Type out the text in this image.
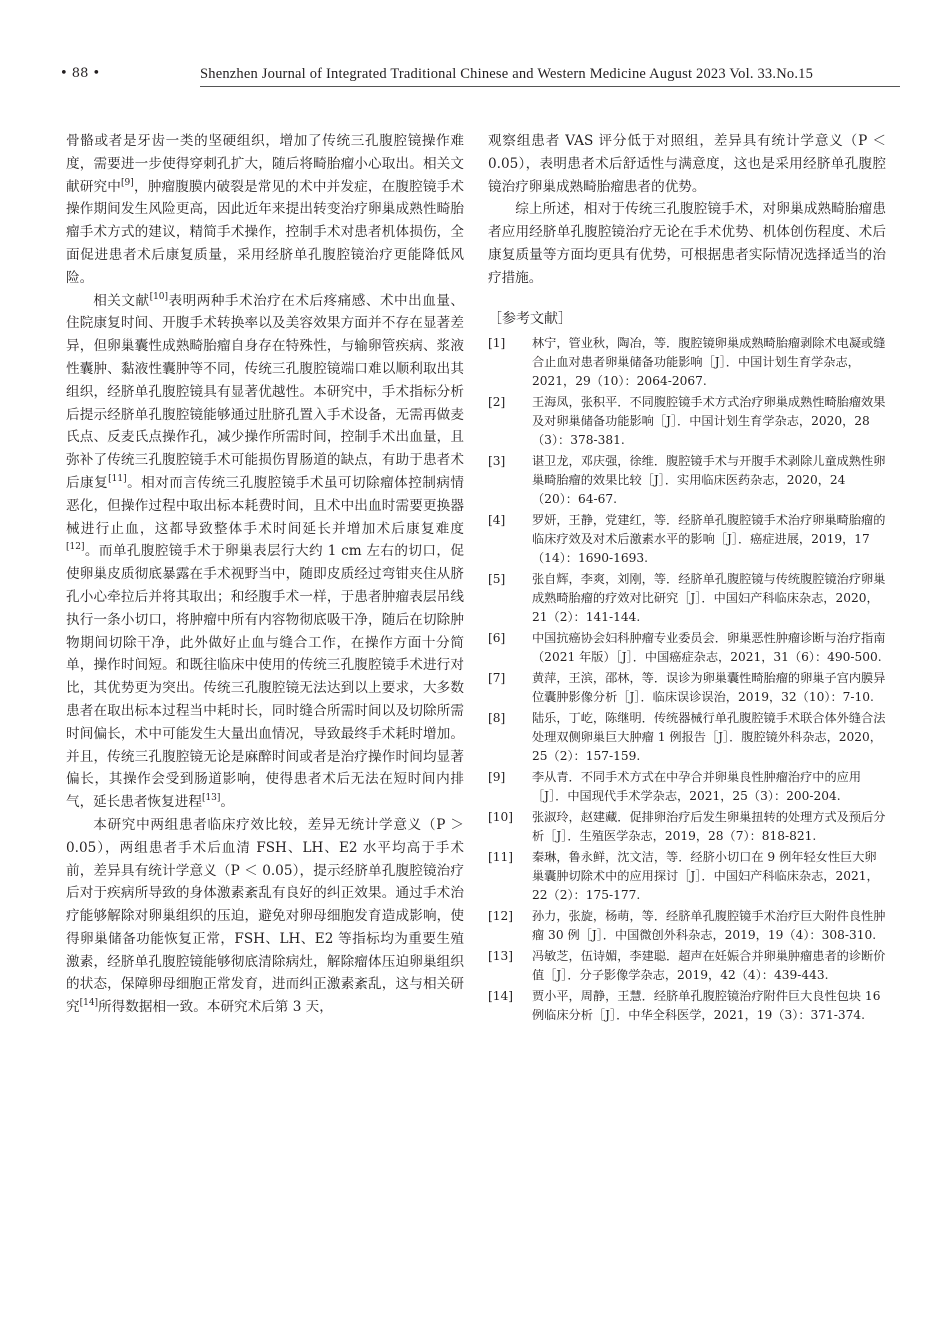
• 88 •	Shenzhen Journal of Integrated Traditional Chinese and Western Medicine August 2023 Vol. 33.No.15

骨骼或者是牙齿一类的坚硬组织，增加了传统三孔腹腔镜操作难度，需要进一步使得穿刺孔扩大，随后将畸胎瘤小心取出。相关文献研究中[9]，肿瘤腹膜内破裂是常见的术中并发症，在腹腔镜手术操作期间发生风险更高，因此近年来提出转变治疗卵巢成熟性畸胎瘤手术方式的建议，精简手术操作，控制手术对患者机体损伤，全面促进患者术后康复质量，采用经脐单孔腹腔镜治疗更能降低风险。

相关文献[10]表明两种手术治疗在术后疼痛感、术中出血量、住院康复时间、开腹手术转换率以及美容效果方面并不存在显著差异，但卵巢囊性成熟畸胎瘤自身存在特殊性，与输卵管疾病、浆液性囊肿、黏液性囊肿等不同，传统三孔腹腔镜端口难以顺利取出其组织，经脐单孔腹腔镜具有显著优越性。本研究中，手术指标分析后提示经脐单孔腹腔镜能够通过肚脐孔置入手术设备，无需再做麦氏点、反麦氏点操作孔，减少操作所需时间，控制手术出血量，且弥补了传统三孔腹腔镜手术可能损伤胃肠道的缺点，有助于患者术后康复[11]。相对而言传统三孔腹腔镜手术虽可切除瘤体控制病情恶化，但操作过程中取出标本耗费时间，且术中出血时需要更换器械进行止血，这都导致整体手术时间延长并增加术后康复难度[12]。而单孔腹腔镜手术于卵巢表层行大约 1 cm 左右的切口，促使卵巢皮质彻底暴露在手术视野当中，随即皮质经过弯钳夹住从脐孔小心牵拉后并将其取出；和经腹手术一样，于患者肿瘤表层吊线执行一条小切口，将肿瘤中所有内容物彻底吸干净，随后在切除肿物期间切除干净，此外做好止血与缝合工作，在操作方面十分简单，操作时间短。和既往临床中使用的传统三孔腹腔镜手术进行对比，其优势更为突出。传统三孔腹腔镜无法达到以上要求，大多数患者在取出标本过程当中耗时长，同时缝合所需时间以及切除所需时间偏长，术中可能发生大量出血情况，导致最终手术耗时增加。并且，传统三孔腹腔镜无论是麻醉时间或者是治疗操作时间均显著偏长，其操作会受到肠道影响，使得患者术后无法在短时间内排气，延长患者恢复进程[13]。

本研究中两组患者临床疗效比较，差异无统计学意义（P ＞ 0.05），两组患者手术后血清 FSH、LH、E2 水平均高于手术前，差异具有统计学意义（P ＜ 0.05），提示经脐单孔腹腔镜治疗后对于疾病所导致的身体激素紊乱有良好的纠正效果。通过手术治疗能够解除对卵巢组织的压迫，避免对卵母细胞发育造成影响，使得卵巢储备功能恢复正常，FSH、LH、E2 等指标均为重要生殖激素，经脐单孔腹腔镜能够彻底清除病灶，解除瘤体压迫卵巢组织的状态，保障卵母细胞正常发育，进而纠正激素紊乱，这与相关研究[14]所得数据相一致。本研究术后第 3 天，

观察组患者 VAS 评分低于对照组，差异具有统计学意义（P ＜ 0.05），表明患者术后舒适性与满意度，这也是采用经脐单孔腹腔镜治疗卵巢成熟畸胎瘤患者的优势。

综上所述，相对于传统三孔腹腔镜手术，对卵巢成熟畸胎瘤患者应用经脐单孔腹腔镜治疗无论在手术优势、机体创伤程度、术后康复质量等方面均更具有优势，可根据患者实际情况选择适当的治疗措施。

［参考文献］
[1]	林宁，管业秋，陶冶，等．腹腔镜卵巢成熟畸胎瘤剥除术电凝或缝合止血对患者卵巢储备功能影响［J］．中国计划生育学杂志，2021，29（10）：2064-2067.
[2]	王海凤，张积平．不同腹腔镜手术方式治疗卵巢成熟性畸胎瘤效果及对卵巢储备功能影响［J］．中国计划生育学杂志，2020，28（3）：378-381.
[3]	谌卫龙，邓庆强，徐维．腹腔镜手术与开腹手术剥除儿童成熟性卵巢畸胎瘤的效果比较［J］．实用临床医药杂志，2020，24（20）：64-67.
[4]	罗妍，王静，党建红，等．经脐单孔腹腔镜手术治疗卵巢畸胎瘤的临床疗效及对术后激素水平的影响［J］．癌症进展，2019，17（14）：1690-1693.
[5]	张自辉，李爽，刘刚，等．经脐单孔腹腔镜与传统腹腔镜治疗卵巢成熟畸胎瘤的疗效对比研究［J］．中国妇产科临床杂志，2020，21（2）：141-144.
[6]	中国抗癌协会妇科肿瘤专业委员会．卵巢恶性肿瘤诊断与治疗指南（2021 年版）［J］．中国癌症杂志，2021，31（6）：490-500.
[7]	黄萍，王滨，邵林，等．误诊为卵巢囊性畸胎瘤的卵巢子宫内膜异位囊肿影像分析［J］．临床误诊误治，2019，32（10）：7-10.
[8]	陆乐，丁屹，陈继明．传统器械行单孔腹腔镜手术联合体外缝合法处理双侧卵巢巨大肿瘤 1 例报告［J］．腹腔镜外科杂志，2020，25（2）：157-159.
[9]	李从青．不同手术方式在中孕合并卵巢良性肿瘤治疗中的应用［J］．中国现代手术学杂志，2021，25（3）：200-204.
[10]	张淑玲，赵建藏．促排卵治疗后发生卵巢扭转的处理方式及预后分析［J］．生殖医学杂志，2019，28（7）：818-821.
[11]	秦琳，鲁永鲜，沈文洁，等．经脐小切口在 9 例年轻女性巨大卵巢囊肿切除术中的应用探讨［J］．中国妇产科临床杂志，2021，22（2）：175-177.
[12]	孙力，张旋，杨萌，等．经脐单孔腹腔镜手术治疗巨大附件良性肿瘤 30 例［J］．中国微创外科杂志，2019，19（4）：308-310.
[13]	冯敏芝，伍诗媚，李建聪．超声在妊娠合并卵巢肿瘤患者的诊断价值［J］．分子影像学杂志，2019，42（4）：439-443.
[14]	贾小平，周静，王慧．经脐单孔腹腔镜治疗附件巨大良性包块 16 例临床分析［J］．中华全科医学，2021，19（3）：371-374.
